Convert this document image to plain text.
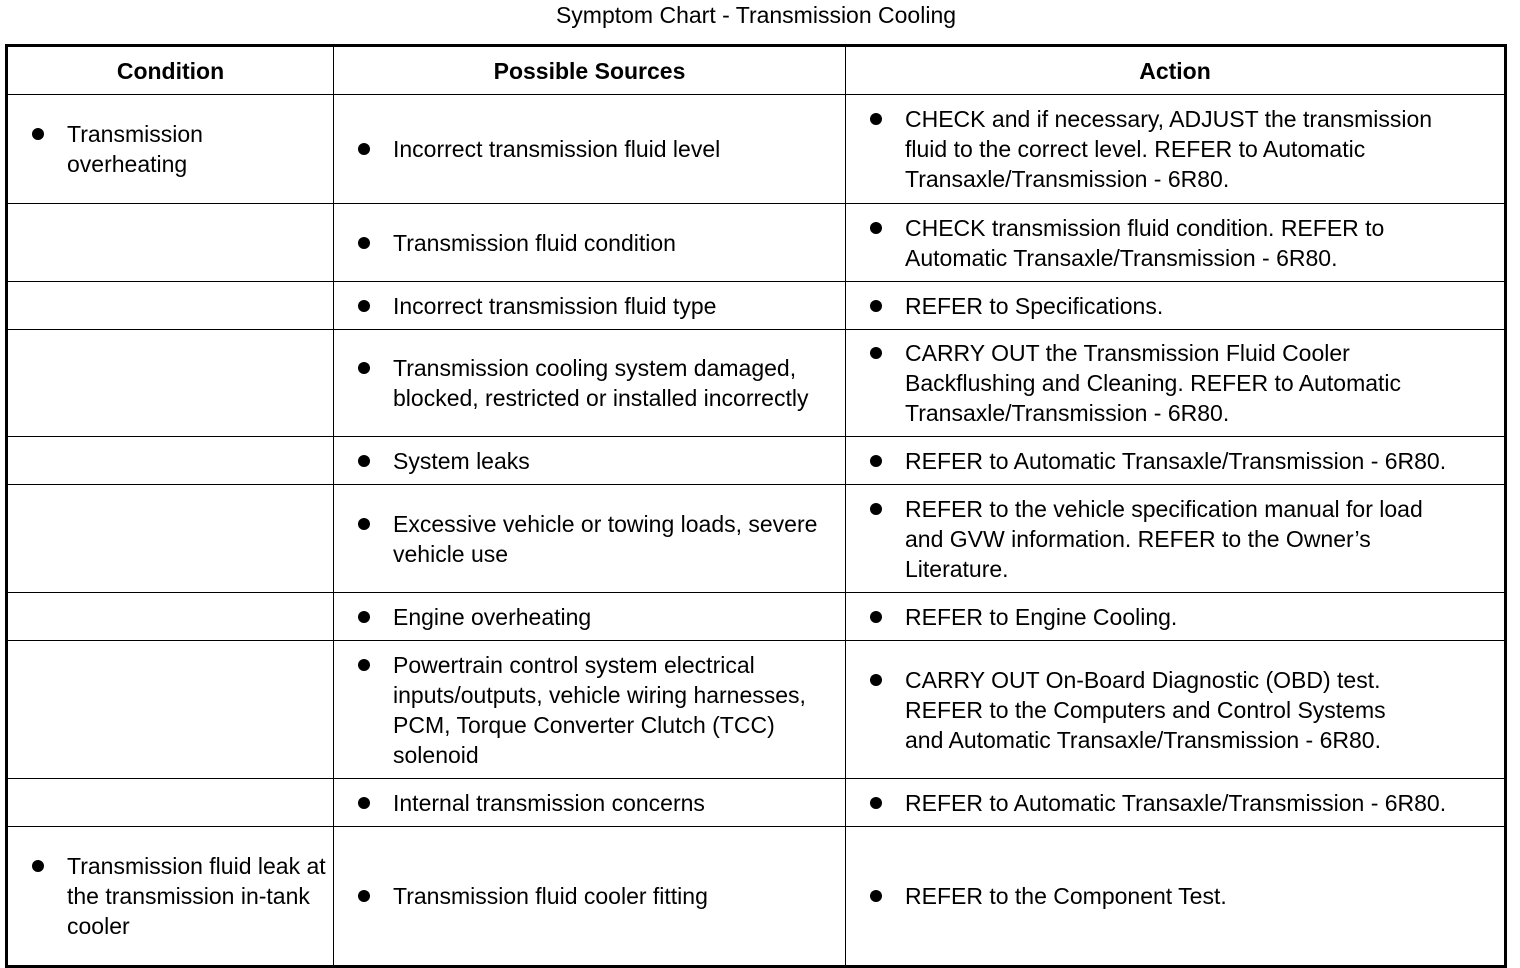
Symptom Chart - Transmission Cooling
Condition	Possible Sources	Action

Transmission overheating	Incorrect transmission fluid level	CHECK and if necessary, ADJUST the transmission
fluid to the correct level. REFER to Automatic
Transaxle/Transmission - 6R80.

	Transmission fluid condition	CHECK transmission fluid condition. REFER to
Automatic Transaxle/Transmission - 6R80.

	Incorrect transmission fluid type	REFER to Specifications.

	Transmission cooling system damaged, blocked, restricted or installed incorrectly	CARRY OUT the Transmission Fluid Cooler
Backflushing and Cleaning. REFER to Automatic
Transaxle/Transmission - 6R80.

	System leaks	REFER to Automatic Transaxle/Transmission - 6R80.

	Excessive vehicle or towing loads, severe vehicle use	REFER to the vehicle specification manual for load
and GVW information. REFER to the Owner’s
Literature.

	Engine overheating	REFER to Engine Cooling.

	Powertrain control system electrical inputs/outputs, vehicle wiring harnesses, PCM, Torque Converter Clutch (TCC) solenoid	CARRY OUT On-Board Diagnostic (OBD) test.
REFER to the Computers and Control Systems
and Automatic Transaxle/Transmission - 6R80.

	Internal transmission concerns	REFER to Automatic Transaxle/Transmission - 6R80.

Transmission fluid leak at the transmission in-tank cooler	Transmission fluid cooler fitting	REFER to the Component Test.
